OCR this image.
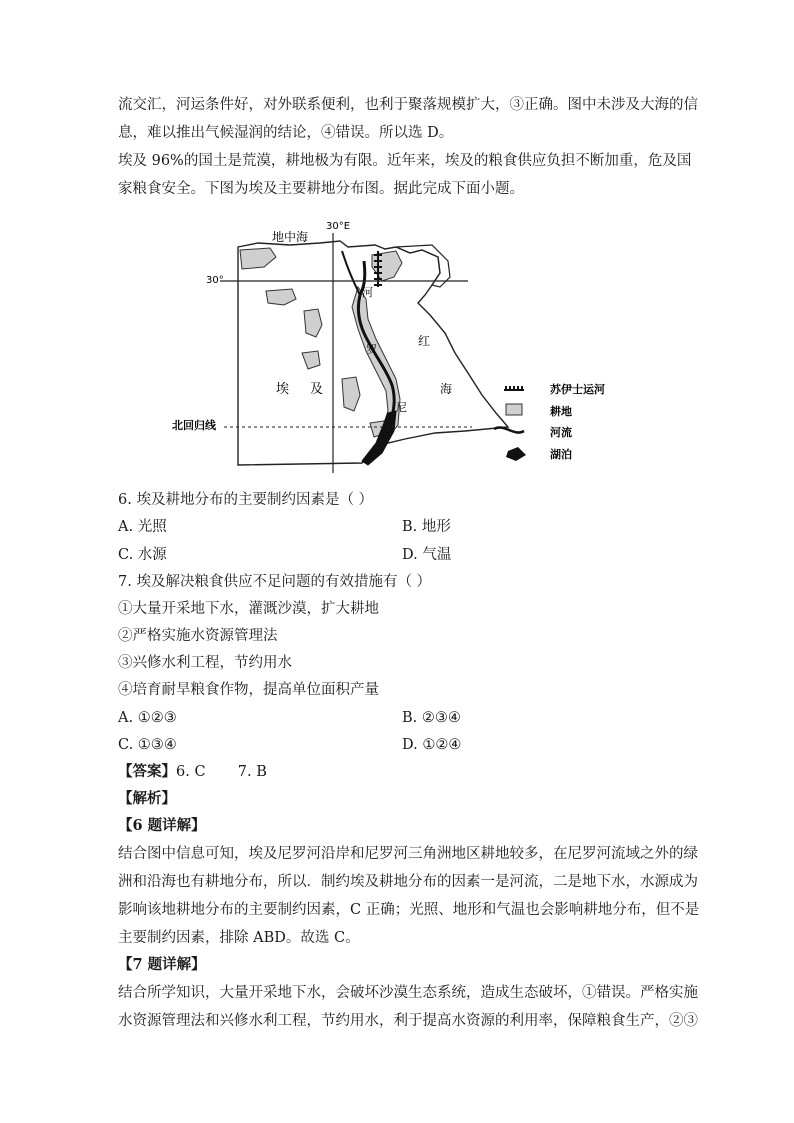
流交汇，河运条件好，对外联系便利，也利于聚落规模扩大，③正确。图中未涉及大海的信
息，难以推出气候湿润的结论，④错误。所以选 D。
埃及 96%的国土是荒漠，耕地极为有限。近年来，埃及的粮食供应负担不断加重，危及国
家粮食安全。下图为埃及主要耕地分布图。据此完成下面小题。
30°E
30°
地中海
埃 及
河
罗
尼
红
海
北回归线
苏伊士运河
耕地
河流
湖泊
6. 埃及耕地分布的主要制约因素是（ ）
A. 光照	B. 地形
C. 水源	D. 气温
7. 埃及解决粮食供应不足问题的有效措施有（ ）
①大量开采地下水，灌溉沙漠，扩大耕地
②严格实施水资源管理法
③兴修水利工程，节约用水
④培育耐旱粮食作物，提高单位面积产量
A. ①②③	B. ②③④
C. ①③④	D. ①②④
【答案】6. C       7. B
【解析】
【6 题详解】
结合图中信息可知，埃及尼罗河沿岸和尼罗河三角洲地区耕地较多，在尼罗河流域之外的绿
洲和沿海也有耕地分布，所以．制约埃及耕地分布的因素一是河流，二是地下水，水源成为
影响该地耕地分布的主要制约因素，C 正确；光照、地形和气温也会影响耕地分布，但不是
主要制约因素，排除 ABD。故选 C。
【7 题详解】
结合所学知识，大量开采地下水，会破坏沙漠生态系统，造成生态破坏，①错误。严格实施
水资源管理法和兴修水利工程，节约用水，利于提高水资源的利用率，保障粮食生产，②③
